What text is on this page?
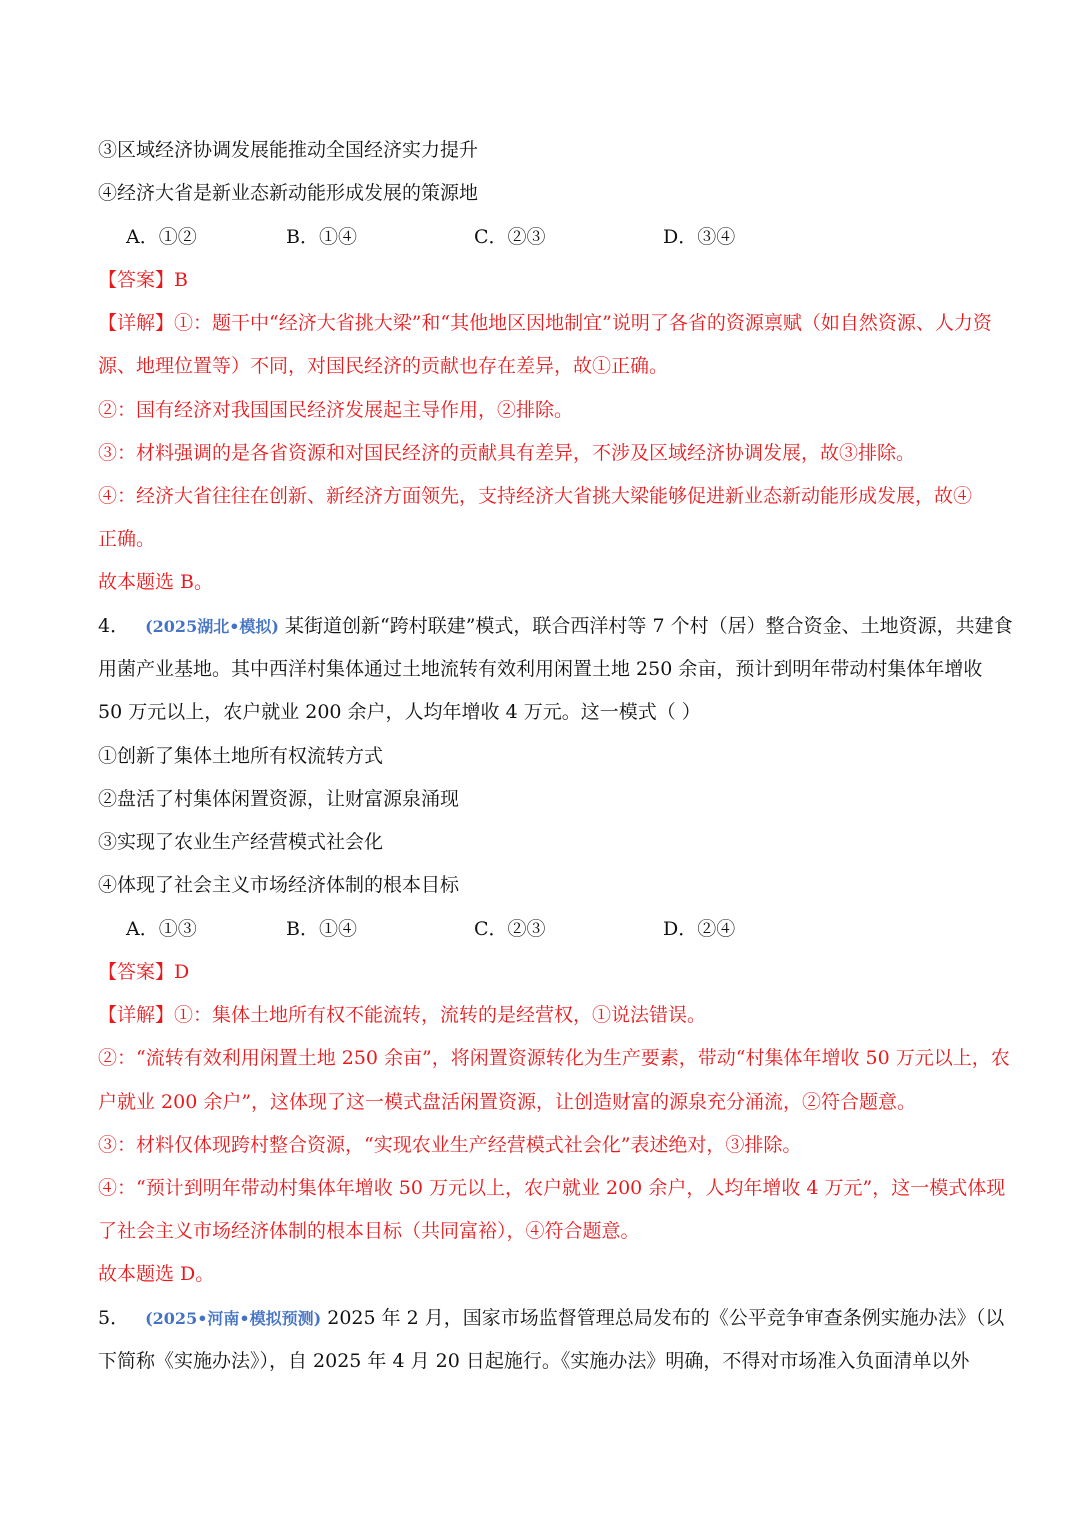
③区域经济协调发展能推动全国经济实力提升
④经济大省是新业态新动能形成发展的策源地
A．①②	B．①④	C．②③	D．③④
【答案】B
【详解】①：题干中“经济大省挑大梁”和“其他地区因地制宜”说明了各省的资源禀赋（如自然资源、人力资
源、地理位置等）不同，对国民经济的贡献也存在差异，故①正确。
②：国有经济对我国国民经济发展起主导作用，②排除。
③：材料强调的是各省资源和对国民经济的贡献具有差异，不涉及区域经济协调发展，故③排除。
④：经济大省往往在创新、新经济方面领先，支持经济大省挑大梁能够促进新业态新动能形成发展，故④
正确。
故本题选 B。
4． (2025湖北•模拟) 某街道创新“跨村联建”模式，联合西洋村等 7 个村（居）整合资金、土地资源，共建食
用菌产业基地。其中西洋村集体通过土地流转有效利用闲置土地 250 余亩，预计到明年带动村集体年增收
50 万元以上，农户就业 200 余户，人均年增收 4 万元。这一模式（ ）
①创新了集体土地所有权流转方式
②盘活了村集体闲置资源，让财富源泉涌现
③实现了农业生产经营模式社会化
④体现了社会主义市场经济体制的根本目标
A．①③	B．①④	C．②③	D．②④
【答案】D
【详解】①：集体土地所有权不能流转，流转的是经营权，①说法错误。
②：“流转有效利用闲置土地 250 余亩”，将闲置资源转化为生产要素，带动“村集体年增收 50 万元以上，农
户就业 200 余户”，这体现了这一模式盘活闲置资源，让创造财富的源泉充分涌流，②符合题意。
③：材料仅体现跨村整合资源，“实现农业生产经营模式社会化”表述绝对，③排除。
④：“预计到明年带动村集体年增收 50 万元以上，农户就业 200 余户，人均年增收 4 万元”，这一模式体现
了社会主义市场经济体制的根本目标（共同富裕），④符合题意。
故本题选 D。
5． (2025•河南•模拟预测) 2025 年 2 月，国家市场监督管理总局发布的《公平竞争审查条例实施办法》（以
下简称《实施办法》），自 2025 年 4 月 20 日起施行。《实施办法》明确，不得对市场准入负面清单以外
